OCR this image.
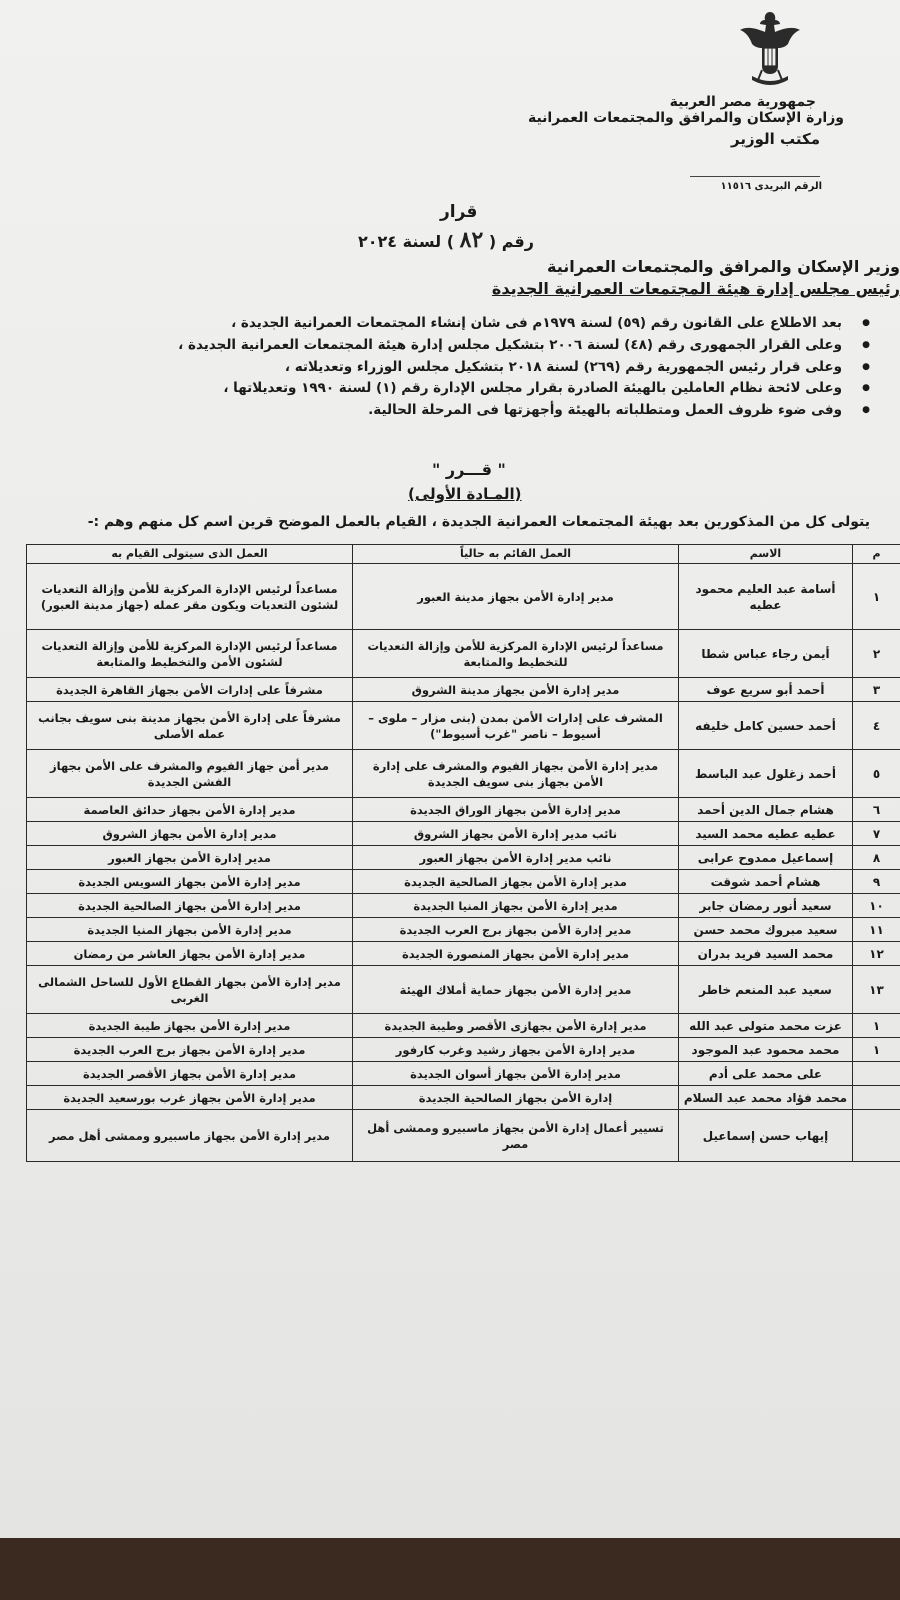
جمهورية مصر العربية
وزارة الإسكان والمرافق والمجتمعات العمرانية
مكتب الوزير
الرقم البريدى ١١٥١٦
قرار
رقم ( ٨٢ ) لسنة ٢٠٢٤
وزير الإسكان والمرافق والمجتمعات العمرانية
رئيس مجلس إدارة هيئة المجتمعات العمرانية الجديدة
● بعد الاطلاع على القانون رقم (٥٩) لسنة ١٩٧٩م فى شان إنشاء المجتمعات العمرانية الجديدة ،
● وعلى القرار الجمهورى رقم (٤٨) لسنة ٢٠٠٦ بتشكيل مجلس إدارة هيئة المجتمعات العمرانية الجديدة ،
● وعلى قرار رئيس الجمهورية رقم (٢٦٩) لسنة ٢٠١٨ بتشكيل مجلس الوزراء وتعديلاته ،
● وعلى لائحة نظام العاملين بالهيئة الصادرة بقرار مجلس الإدارة رقم (١) لسنة ١٩٩٠ وتعديلاتها ،
● وفى ضوء ظروف العمل ومتطلباته بالهيئة وأجهزتها فى المرحلة الحالية.
" قـــرر "
(المـادة الأولى)
يتولى كل من المذكورين بعد بهيئة المجتمعات العمرانية الجديدة ، القيام بالعمل الموضح قرين اسم كل منهم وهم :-
م	الاسم	العمل القائم به حالياً	العمل الذى سيتولى القيام به
١	أسامة عبد العليم محمود عطيه	مدير إدارة الأمن بجهاز مدينة العبور	مساعداً لرئيس الإدارة المركزية للأمن وإزالة التعديات لشئون التعديات ويكون مقر عمله (جهاز مدينة العبور)
٢	أيمن رجاء عباس شطا	مساعداً لرئيس الإدارة المركزية للأمن وإزالة التعديات للتخطيط والمتابعة	مساعداً لرئيس الإدارة المركزية للأمن وإزالة التعديات لشئون الأمن والتخطيط والمتابعة
٣	أحمد أبو سريع عوف	مدير إدارة الأمن بجهاز مدينة الشروق	مشرفاً على إدارات الأمن بجهاز القاهرة الجديدة
٤	أحمد حسين كامل خليفه	المشرف على إدارات الأمن بمدن (بنى مزار – ملوى – أسيوط – ناصر "غرب أسيوط")	مشرفاً على إدارة الأمن بجهاز مدينة بنى سويف بجانب عمله الأصلى
٥	أحمد زغلول عبد الباسط	مدير إدارة الأمن بجهاز الفيوم والمشرف على إدارة الأمن بجهاز بنى سويف الجديدة	مدير أمن جهاز الفيوم والمشرف على الأمن بجهاز الفشن الجديدة
٦	هشام جمال الدين أحمد	مدير إدارة الأمن بجهاز الوراق الجديدة	مدير إدارة الأمن بجهاز حدائق العاصمة
٧	عطيه عطيه محمد السيد	نائب مدير إدارة الأمن بجهاز الشروق	مدير إدارة الأمن بجهاز الشروق
٨	إسماعيل ممدوح عرابى	نائب مدير إدارة الأمن بجهاز العبور	مدير إدارة الأمن بجهاز العبور
٩	هشام أحمد شوقت	مدير إدارة الأمن بجهاز الصالحية الجديدة	مدير إدارة الأمن بجهاز السويس الجديدة
١٠	سعيد أنور رمضان جابر	مدير إدارة الأمن بجهاز المنيا الجديدة	مدير إدارة الأمن بجهاز الصالحية الجديدة
١١	سعيد مبروك محمد حسن	مدير إدارة الأمن بجهاز برج العرب الجديدة	مدير إدارة الأمن بجهاز المنيا الجديدة
١٢	محمد السيد فريد بدران	مدير إدارة الأمن بجهاز المنصورة الجديدة	مدير إدارة الأمن بجهاز العاشر من رمضان
١٣	سعيد عبد المنعم خاطر	مدير إدارة الأمن بجهاز حماية أملاك الهيئة	مدير إدارة الأمن بجهاز القطاع الأول للساحل الشمالى الغربى
١	عزت محمد متولى عبد الله	مدير إدارة الأمن بجهازى الأقصر وطيبة الجديدة	مدير إدارة الأمن بجهاز طيبة الجديدة
١	محمد محمود عبد الموجود	مدير إدارة الأمن بجهاز رشيد وغرب كارفور	مدير إدارة الأمن بجهاز برج العرب الجديدة
	على محمد على أدم	مدير إدارة الأمن بجهاز أسوان الجديدة	مدير إدارة الأمن بجهاز الأقصر الجديدة
	محمد فؤاد محمد عبد السلام	إدارة الأمن بجهاز الصالحية الجديدة	مدير إدارة الأمن بجهاز غرب بورسعيد الجديدة
	إيهاب حسن إسماعيل	تسيير أعمال إدارة الأمن بجهاز ماسبيرو وممشى أهل مصر	مدير إدارة الأمن بجهاز ماسبيرو وممشى أهل مصر
